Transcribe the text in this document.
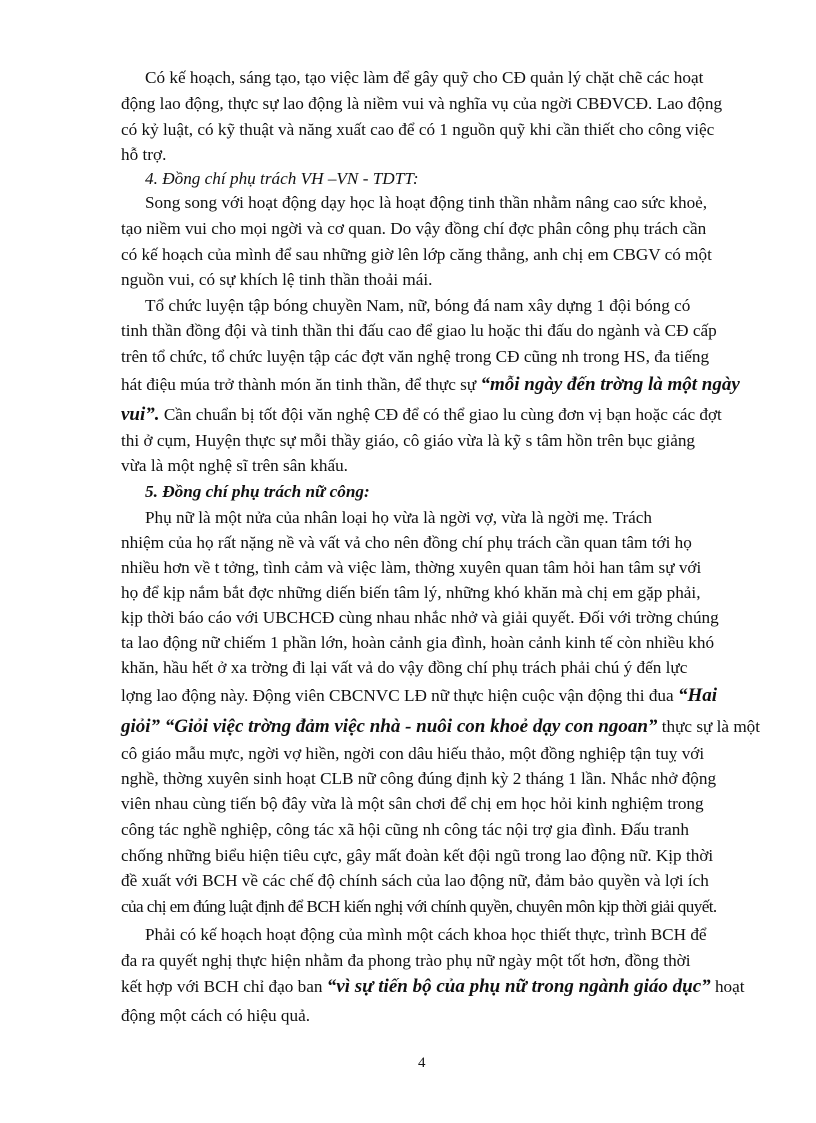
Có kế hoạch, sáng tạo, tạo việc làm để gây quỹ cho CĐ quản lý chặt chẽ các hoạt
động lao động, thực sự lao động là niềm vui và nghĩa vụ của ngời CBĐVCĐ. Lao động
có kỷ luật, có kỹ thuật và năng xuất cao để có 1 nguồn quỹ khi cần thiết cho công việc
hỗ trợ.
4. Đồng chí phụ trách VH –VN - TDTT:
Song song với hoạt động dạy học là hoạt động tinh thần nhằm nâng cao sức khoẻ,
tạo niềm vui cho mọi ngời và cơ quan. Do vậy đồng chí đợc phân công phụ trách cần
có kế hoạch của mình để sau những giờ lên lớp căng thẳng, anh chị em CBGV có một
nguồn vui, có sự khích lệ tinh thần thoải mái.
Tổ chức luyện tập bóng chuyền Nam, nữ, bóng đá nam xây dựng 1 đội bóng có
tinh thần đồng đội và tinh thần thi đấu cao để giao lu hoặc thi đấu do ngành và CĐ cấp
trên tổ chức, tổ chức luyện tập các đợt văn nghệ trong CĐ cũng nh trong HS, đa tiếng
hát điệu múa trở thành món ăn tinh thần, để thực sự “mỗi ngày đến trờng là một ngày
vui”. Cần chuẩn bị tốt đội văn nghệ CĐ để có thể giao lu cùng đơn vị bạn hoặc các đợt
thi ở cụm, Huyện thực sự mỗi thầy giáo, cô giáo vừa là kỹ s tâm hồn trên bục giảng
vừa là một nghệ sĩ trên sân khấu.
5. Đồng chí phụ trách nữ công:
Phụ nữ là một nửa của nhân loại họ vừa là ngời vợ, vừa là ngời mẹ. Trách
nhiệm của họ rất nặng nề và vất vả cho nên đồng chí phụ trách cần quan tâm tới họ
nhiều hơn về t tởng, tình cảm và việc làm, thờng xuyên quan tâm hỏi han tâm sự với
họ để kịp nắm bắt đợc những diến biến tâm lý, những khó khăn mà chị em gặp phải,
kịp thời báo cáo với UBCHCĐ cùng nhau nhắc nhở và giải quyết. Đối với trờng chúng
ta lao động nữ chiếm 1 phần lớn, hoàn cảnh gia đình, hoàn cảnh kinh tế còn nhiều khó
khăn, hầu hết ở xa trờng đi lại vất vả do vậy đồng chí phụ trách phải chú ý đến lực
lợng lao động này. Động viên CBCNVC LĐ nữ thực hiện cuộc vận động thi đua “Hai
giỏi” “Giỏi việc trờng đảm việc nhà - nuôi con khoẻ dạy con ngoan” thực sự là một
cô giáo mẫu mực, ngời vợ hiền, ngời con dâu hiếu thảo, một đồng nghiệp tận tuỵ với
nghề, thờng xuyên sinh hoạt CLB nữ công đúng định kỳ 2 tháng 1 lần. Nhắc nhở động
viên nhau cùng tiến bộ đây vừa là một sân chơi để chị em học hỏi kinh nghiệm trong
công tác nghề nghiệp, công tác xã hội cũng nh công tác nội trợ gia đình. Đấu tranh
chống những biểu hiện tiêu cực, gây mất đoàn kết đội ngũ trong lao động nữ. Kịp thời
đề xuất với BCH về các chế độ chính sách của lao động nữ, đảm bảo quyền và lợi ích
của chị em đúng luật định để BCH kiến nghị với chính quyền, chuyên môn kịp thời giải quyết.
Phải có kế hoạch hoạt động của mình một cách khoa học thiết thực, trình BCH để
đa ra quyết nghị thực hiện nhằm đa phong trào phụ nữ ngày một tốt hơn, đồng thời
kết hợp với BCH chỉ đạo ban “vì sự tiến bộ của phụ nữ trong ngành giáo dục” hoạt
động một cách có hiệu quả.
4
